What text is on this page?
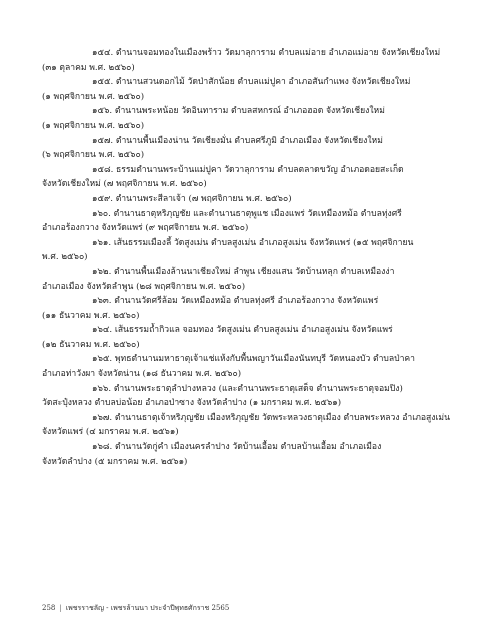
๑๕๔. ตำนานจอมทองในเมืองพร้าว วัดมาลุการาม ตำบลแม่อาย อำเภอแม่อาย จังหวัดเชียงใหม่
(๓๑ ตุลาคม พ.ศ. ๒๕๖๐)

๑๕๕. ตำนานสวนดอกไม้ วัดป่าสักน้อย ตำบลแม่ปูคา อำเภอสันกำแพง จังหวัดเชียงใหม่
(๑ พฤศจิกายน พ.ศ. ๒๕๖๐)

๑๕๖. ตำนานพระหน้อย วัดอินทาราม ตำบลสหกรณ์ อำเภอฮอด จังหวัดเชียงใหม่
(๑ พฤศจิกายน พ.ศ. ๒๕๖๐)

๑๕๗. ตำนานพื้นเมืองน่าน วัดเชียงมั่น ตำบลศรีภูมิ อำเภอเมือง จังหวัดเชียงใหม่
(๖ พฤศจิกายน พ.ศ. ๒๕๖๐)

๑๕๘. ธรรมตำนานพระบ้านแม่ปูคา วัดวาลุการาม ตำบลตลาดขวัญ อำเภอดอยสะเก็ด
จังหวัดเชียงใหม่ (๗ พฤศจิกายน พ.ศ. ๒๕๖๐)

๑๕๙. ตำนานพระสีลาเจ้า (๗ พฤศจิกายน พ.ศ. ๒๕๖๐)

๑๖๐. ตำนานธาตุหริภุญชัย และตำนานธาตุพูแช เมืองแพร่ วัดเหมืองหม้อ ตำบลทุ่งศรี
อำเภอร้องกวาง จังหวัดแพร่ (๙ พฤศจิกายน พ.ศ. ๒๕๖๐)

๑๖๑. เส้นธรรมเมืองลี้ วัดสูงเม่น ตำบลสูงเม่น อำเภอสูงเม่น จังหวัดแพร่ (๑๕ พฤศจิกายน
พ.ศ. ๒๕๖๐)

๑๖๒. ตำนานพื้นเมืองล้านนาเชียงใหม่ ลำพูน เชียงแสน วัดบ้านหลุก ตำบลเหมืองง่า
อำเภอเมือง จังหวัดลำพูน (๒๘ พฤศจิกายน พ.ศ. ๒๕๖๐)

๑๖๓. ตำนานวัดศรีล้อม วัดเหมืองหม้อ ตำบลทุ่งศรี อำเภอร้องกวาง จังหวัดแพร่
(๑๑ ธันวาคม พ.ศ. ๒๕๖๐)

๑๖๔. เส้นธรรมถ้ำกิวแล จอมทอง วัดสูงเม่น ตำบลสูงเม่น อำเภอสูงเม่น จังหวัดแพร่
(๑๒ ธันวาคม พ.ศ. ๒๕๖๐)

๑๖๕. พุทธตำนานมหาธาตุเจ้าแช่แห้งกับพื้นพญาวันเมืองนันทบุรี วัดหนองบัว ตำบลป่าคา
อำเภอท่าวังผา จังหวัดน่าน (๑๘ ธันวาคม พ.ศ. ๒๕๖๐)

๑๖๖. ตำนานพระธาตุลำปางหลวง (และตำนานพระธาตุเสด็จ ตำนานพระธาตุจอมปิง)
วัดสะปุ๋งหลวง ตำบลบ่อน้อย อำเภอป่าซาง จังหวัดลำปาง (๑ มกราคม พ.ศ. ๒๕๖๑)

๑๖๗. ตำนานธาตุเจ้าหริภุญชัย เมืองหริภุญชัย วัดพระหลวงธาตุเมือง ตำบลพระหลวง อำเภอสูงเม่น
จังหวัดแพร่ (๔ มกราคม พ.ศ. ๒๕๖๑)

๑๖๘. ตำนานวัดกู่คำ เมืองนครลำปาง วัดบ้านเอื้อม ตำบลบ้านเอื้อม อำเภอเมือง
จังหวัดลำปาง (๕ มกราคม พ.ศ. ๒๕๖๑)

258 | เพชรราชลัญ - เพชรล้านนา ประจำปีพุทธศักราช 2565
